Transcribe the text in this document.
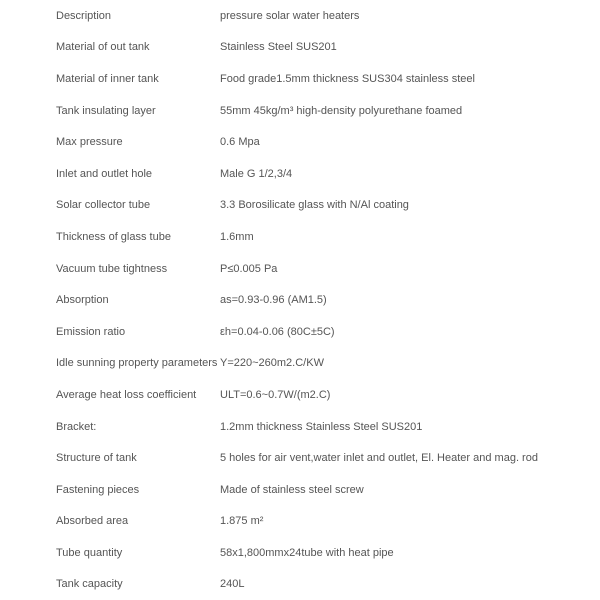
Description	pressure solar water heaters
Material of out tank	Stainless Steel SUS201
Material of inner tank	Food grade1.5mm thickness SUS304 stainless steel
Tank insulating layer	55mm 45kg/m³ high-density polyurethane foamed
Max pressure	0.6 Mpa
Inlet and outlet hole	Male G 1/2,3/4
Solar collector tube	3.3 Borosilicate glass with N/Al coating
Thickness of glass tube	1.6mm
Vacuum tube tightness	P≤0.005 Pa
Absorption	as=0.93-0.96 (AM1.5)
Emission ratio	εh=0.04-0.06 (80C±5C)
Idle sunning property parameters	Y=220~260m2.C/KW
Average heat loss coefficient	ULT=0.6~0.7W/(m2.C)
Bracket:	1.2mm thickness Stainless Steel SUS201
Structure of tank	5 holes for air vent,water inlet and outlet, El. Heater and mag. rod
Fastening pieces	Made of stainless steel screw
Absorbed area	1.875 m²
Tube quantity	58x1,800mmx24tube with heat pipe
Tank capacity	240L
